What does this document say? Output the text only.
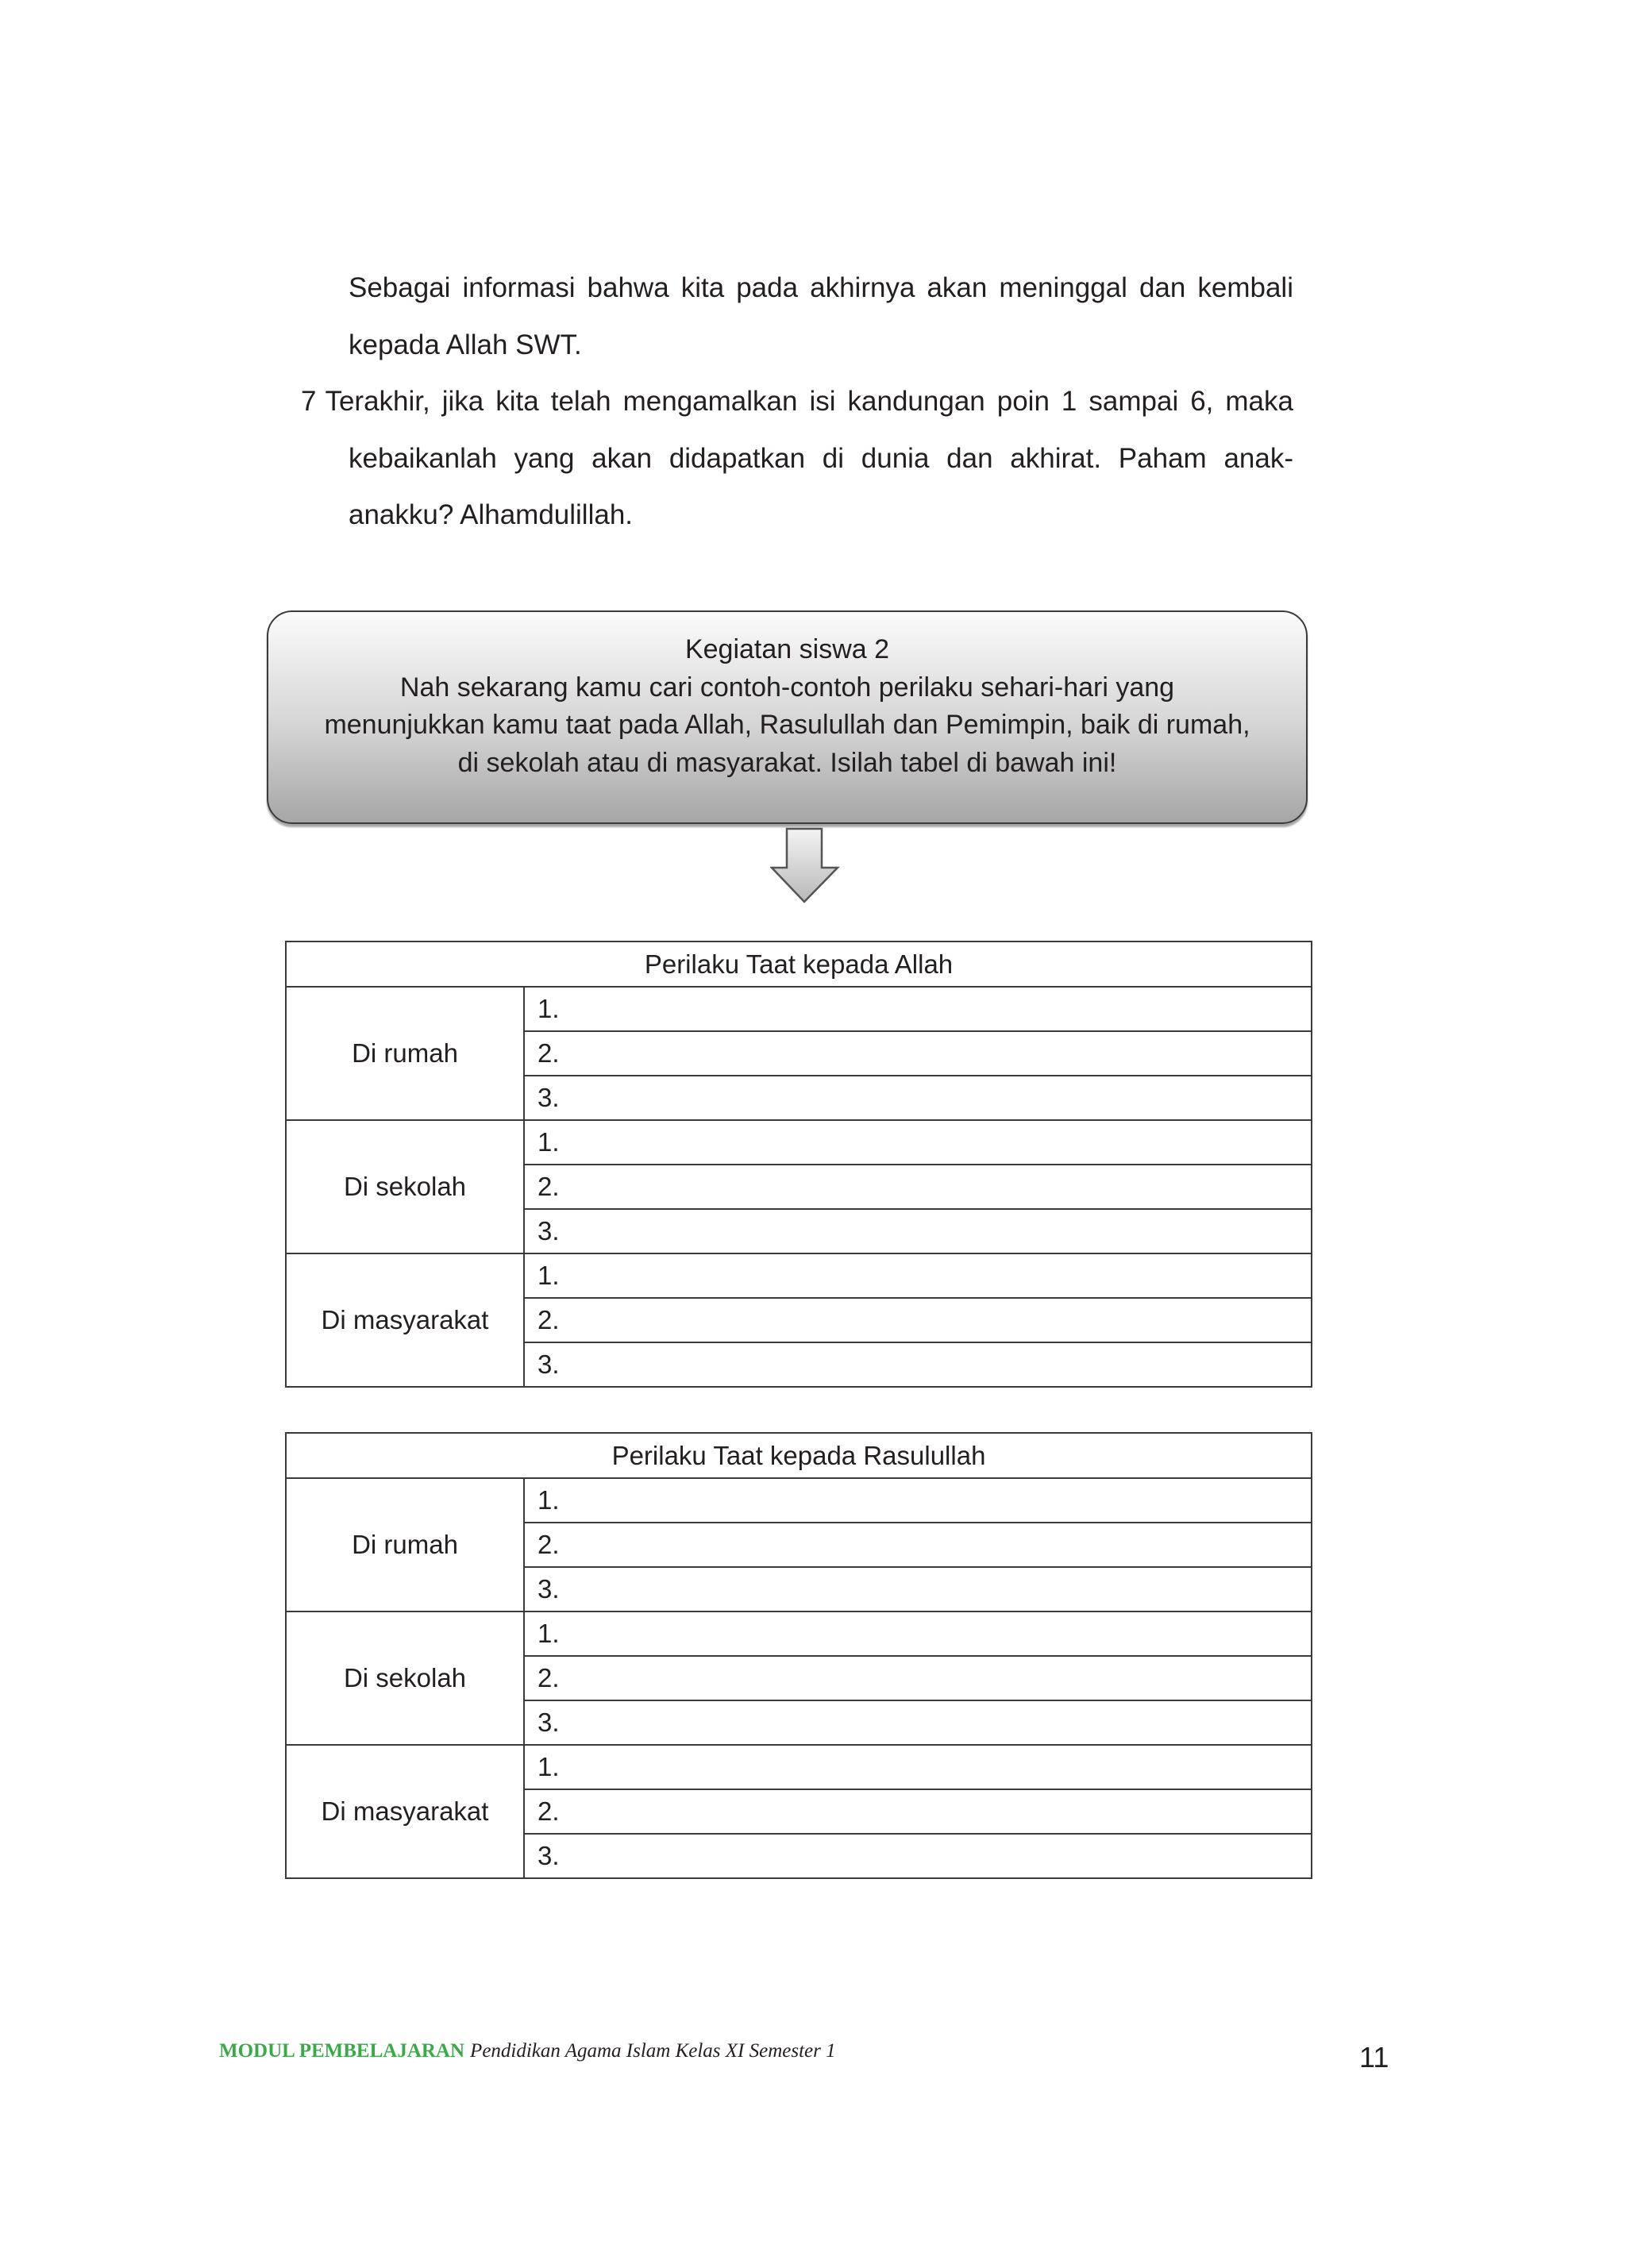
Sebagai informasi bahwa kita pada akhirnya akan meninggal dan kembali
kepada Allah SWT.
7 Terakhir, jika kita telah mengamalkan isi kandungan poin 1 sampai 6, maka
kebaikanlah yang akan didapatkan di dunia dan akhirat. Paham anak-
anakku? Alhamdulillah.
Kegiatan siswa 2
Nah sekarang kamu cari contoh-contoh perilaku sehari-hari yang
menunjukkan kamu taat pada Allah, Rasulullah dan Pemimpin, baik di rumah,
di sekolah atau di masyarakat. Isilah tabel di bawah ini!
Perilaku Taat kepada Allah	
Di rumah	1.
	2.
	3.
Di sekolah	1.
	2.
	3.
Di masyarakat	1.
	2.
	3.
Perilaku Taat kepada Rasulullah	
Di rumah	1.
	2.
	3.
Di sekolah	1.
	2.
	3.
Di masyarakat	1.
	2.
	3.
MODUL PEMBELAJARAN Pendidikan Agama Islam Kelas XI Semester 1	11
